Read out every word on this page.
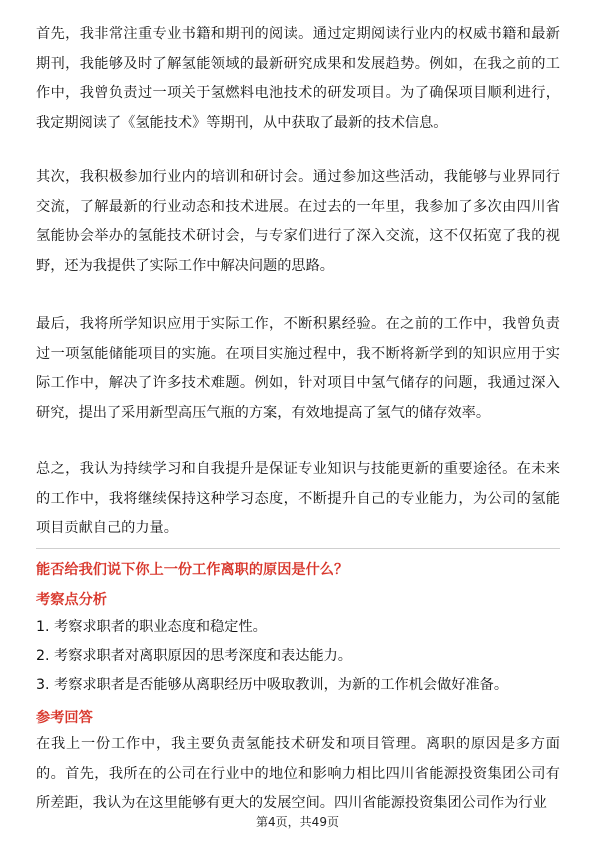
首先，我非常注重专业书籍和期刊的阅读。通过定期阅读行业内的权威书籍和最新期刊，我能够及时了解氢能领域的最新研究成果和发展趋势。例如，在我之前的工作中，我曾负责过一项关于氢燃料电池技术的研发项目。为了确保项目顺利进行，我定期阅读了《氢能技术》等期刊，从中获取了最新的技术信息。

其次，我积极参加行业内的培训和研讨会。通过参加这些活动，我能够与业界同行交流，了解最新的行业动态和技术进展。在过去的一年里，我参加了多次由四川省氢能协会举办的氢能技术研讨会，与专家们进行了深入交流，这不仅拓宽了我的视野，还为我提供了实际工作中解决问题的思路。

最后，我将所学知识应用于实际工作，不断积累经验。在之前的工作中，我曾负责过一项氢能储能项目的实施。在项目实施过程中，我不断将新学到的知识应用于实际工作中，解决了许多技术难题。例如，针对项目中氢气储存的问题，我通过深入研究，提出了采用新型高压气瓶的方案，有效地提高了氢气的储存效率。

总之，我认为持续学习和自我提升是保证专业知识与技能更新的重要途径。在未来的工作中，我将继续保持这种学习态度，不断提升自己的专业能力，为公司的氢能项目贡献自己的力量。

能否给我们说下你上一份工作离职的原因是什么？

考察点分析

1. 考察求职者的职业态度和稳定性。

2. 考察求职者对离职原因的思考深度和表达能力。

3. 考察求职者是否能够从离职经历中吸取教训，为新的工作机会做好准备。

参考回答

在我上一份工作中，我主要负责氢能技术研发和项目管理。离职的原因是多方面的。首先，我所在的公司在行业中的地位和影响力相比四川省能源投资集团公司有所差距，我认为在这里能够有更大的发展空间。四川省能源投资集团公司作为行业

第4页，共49页
